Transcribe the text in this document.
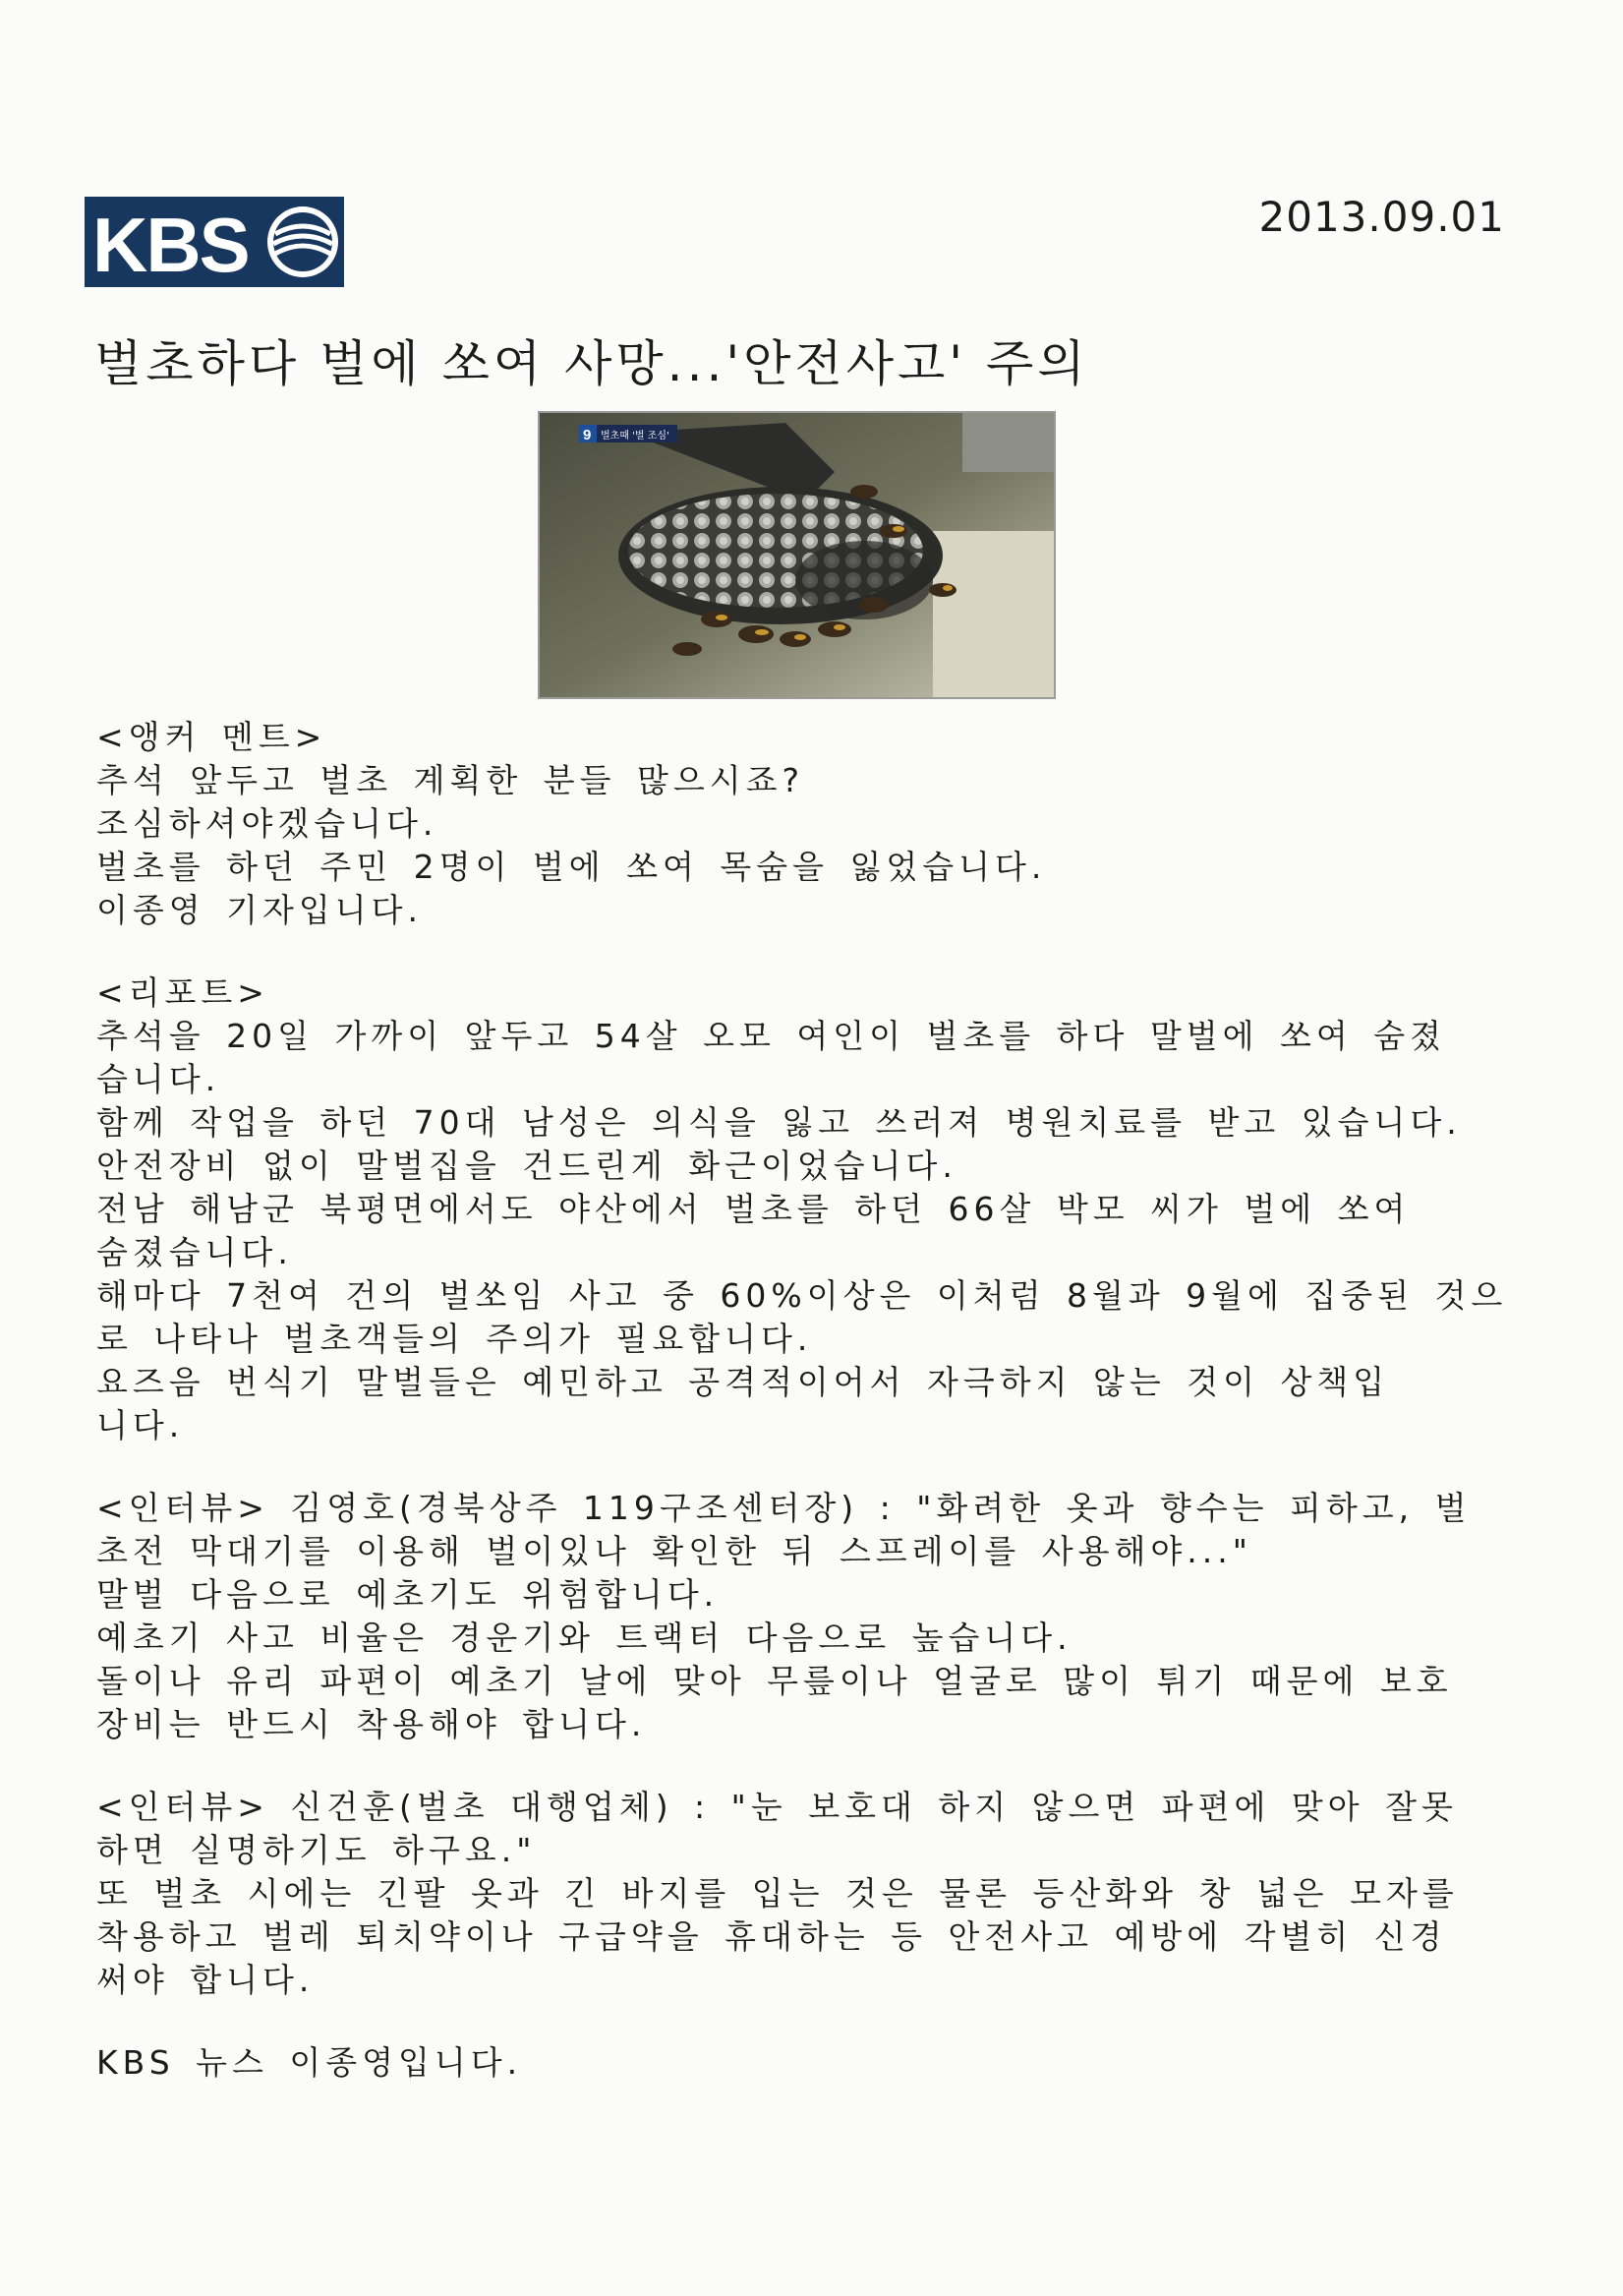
KBS	2013.09.01
벌초하다 벌에 쏘여 사망...'안전사고' 주의
9 벌초때 '벌 조심'
<앵커 멘트>
추석 앞두고 벌초 계획한 분들 많으시죠?
조심하셔야겠습니다.
벌초를 하던 주민 2명이 벌에 쏘여 목숨을 잃었습니다.
이종영 기자입니다.
<리포트>
추석을 20일 가까이 앞두고 54살 오모 여인이 벌초를 하다 말벌에 쏘여 숨졌
습니다.
함께 작업을 하던 70대 남성은 의식을 잃고 쓰러져 병원치료를 받고 있습니다.
안전장비 없이 말벌집을 건드린게 화근이었습니다.
전남 해남군 북평면에서도 야산에서 벌초를 하던 66살 박모 씨가 벌에 쏘여
숨졌습니다.
해마다 7천여 건의 벌쏘임 사고 중 60%이상은 이처럼 8월과 9월에 집중된 것으
로 나타나 벌초객들의 주의가 필요합니다.
요즈음 번식기 말벌들은 예민하고 공격적이어서 자극하지 않는 것이 상책입
니다.
<인터뷰> 김영호(경북상주 119구조센터장) : "화려한 옷과 향수는 피하고, 벌
초전 막대기를 이용해 벌이있나 확인한 뒤 스프레이를 사용해야..."
말벌 다음으로 예초기도 위험합니다.
예초기 사고 비율은 경운기와 트랙터 다음으로 높습니다.
돌이나 유리 파편이 예초기 날에 맞아 무릎이나 얼굴로 많이 튀기 때문에 보호
장비는 반드시 착용해야 합니다.
<인터뷰> 신건훈(벌초 대행업체) : "눈 보호대 하지 않으면 파편에 맞아 잘못
하면 실명하기도 하구요."
또 벌초 시에는 긴팔 옷과 긴 바지를 입는 것은 물론 등산화와 창 넓은 모자를
착용하고 벌레 퇴치약이나 구급약을 휴대하는 등 안전사고 예방에 각별히 신경
써야 합니다.
KBS 뉴스 이종영입니다.
